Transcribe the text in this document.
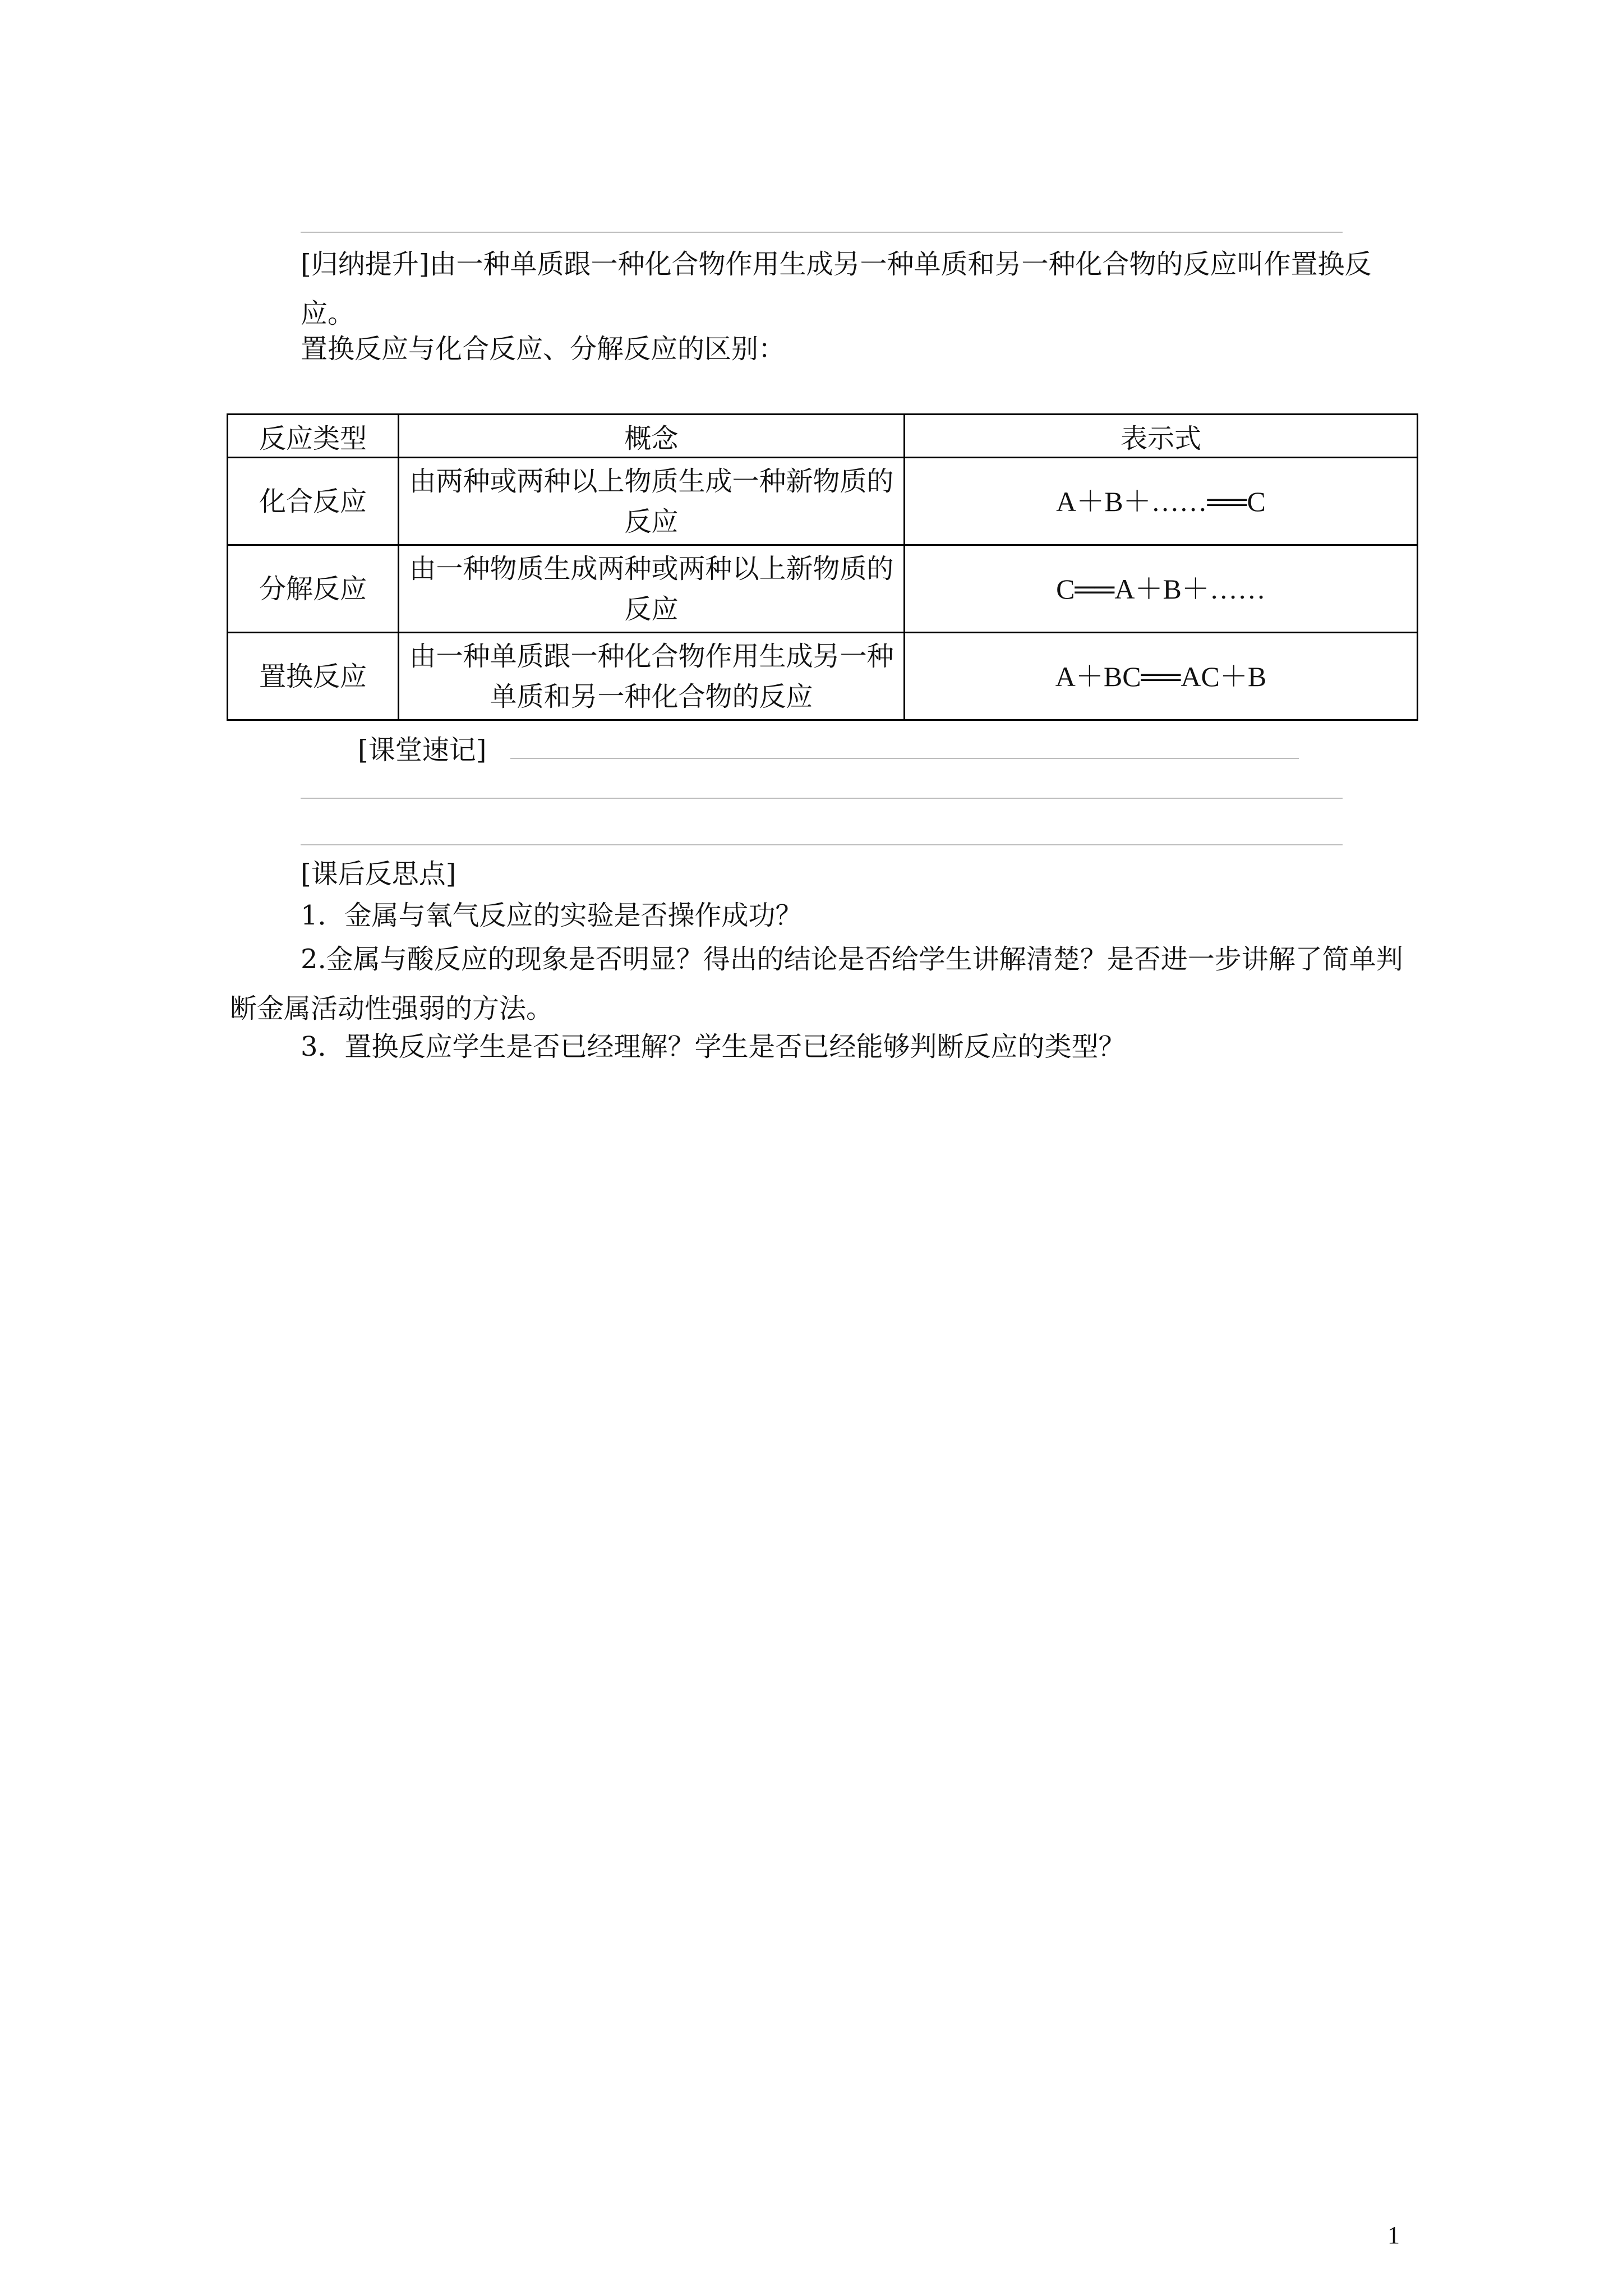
[归纳提升]由一种单质跟一种化合物作用生成另一种单质和另一种化合物的反应叫作置换反应。

置换反应与化合反应、分解反应的区别：

反应类型	概念	表示式
化合反应	由两种或两种以上物质生成一种新物质的反应	A＋B＋……══C
分解反应	由一种物质生成两种或两种以上新物质的反应	C══A＋B＋……
置换反应	由一种单质跟一种化合物作用生成另一种单质和另一种化合物的反应	A＋BC══AC＋B
[课堂速记]

[课后反思点]

1．金属与氧气反应的实验是否操作成功？

2.金属与酸反应的现象是否明显？得出的结论是否给学生讲解清楚？是否进一步讲解了简单判断金属活动性强弱的方法。

3．置换反应学生是否已经理解？学生是否已经能够判断反应的类型？

1
